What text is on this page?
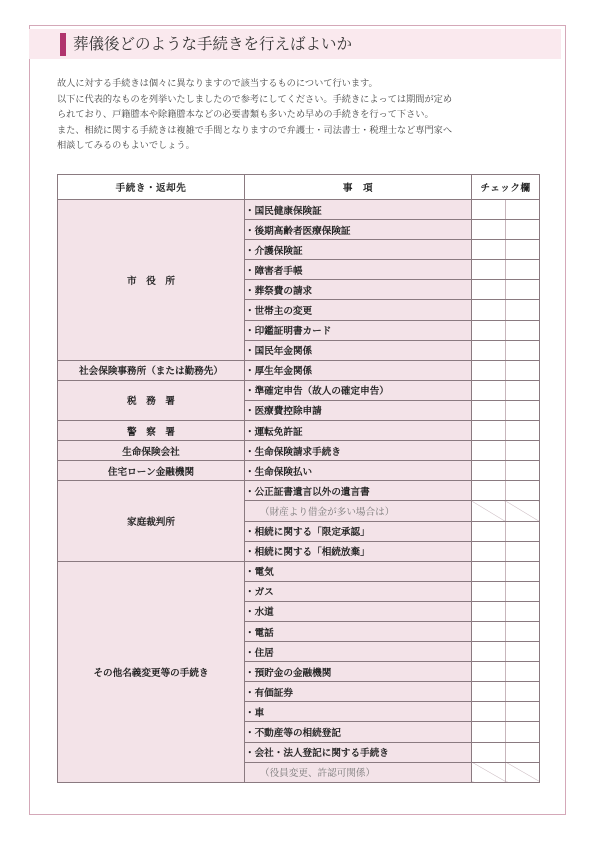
葬儀後どのような手続きを行えばよいか
故人に対する手続きは個々に異なりますので該当するものについて行います。
以下に代表的なものを列挙いたしましたので参考にしてください。手続きによっては期間が定め
られており、戸籍謄本や除籍謄本などの必要書類も多いため早めの手続きを行って下さい。
また、相続に関する手続きは複雑で手間となりますので弁護士・司法書士・税理士など専門家へ
相談してみるのもよいでしょう。
手続き・返却先	事　項	チェック欄	
市　役　所	・国民健康保険証		
	・後期高齢者医療保険証		
	・介護保険証		
	・障害者手帳		
	・葬祭費の請求		
	・世帯主の変更		
	・印鑑証明書カード		
	・国民年金関係		
社会保険事務所（または勤務先）	・厚生年金関係		
税　務　署	・準確定申告（故人の確定申告）		
	・医療費控除申請		
警　察　署	・運転免許証		
生命保険会社	・生命保険請求手続き		
住宅ローン金融機関	・生命保険払い		
家庭裁判所	・公正証書遺言以外の遺言書		
	（財産より借金が多い場合は）		
	・相続に関する「限定承認」		
	・相続に関する「相続放棄」		
その他名義変更等の手続き	・電気		
	・ガス		
	・水道		
	・電話		
	・住居		
	・預貯金の金融機関		
	・有価証券		
	・車		
	・不動産等の相続登記		
	・会社・法人登記に関する手続き		
	（役員変更、許認可関係）		
